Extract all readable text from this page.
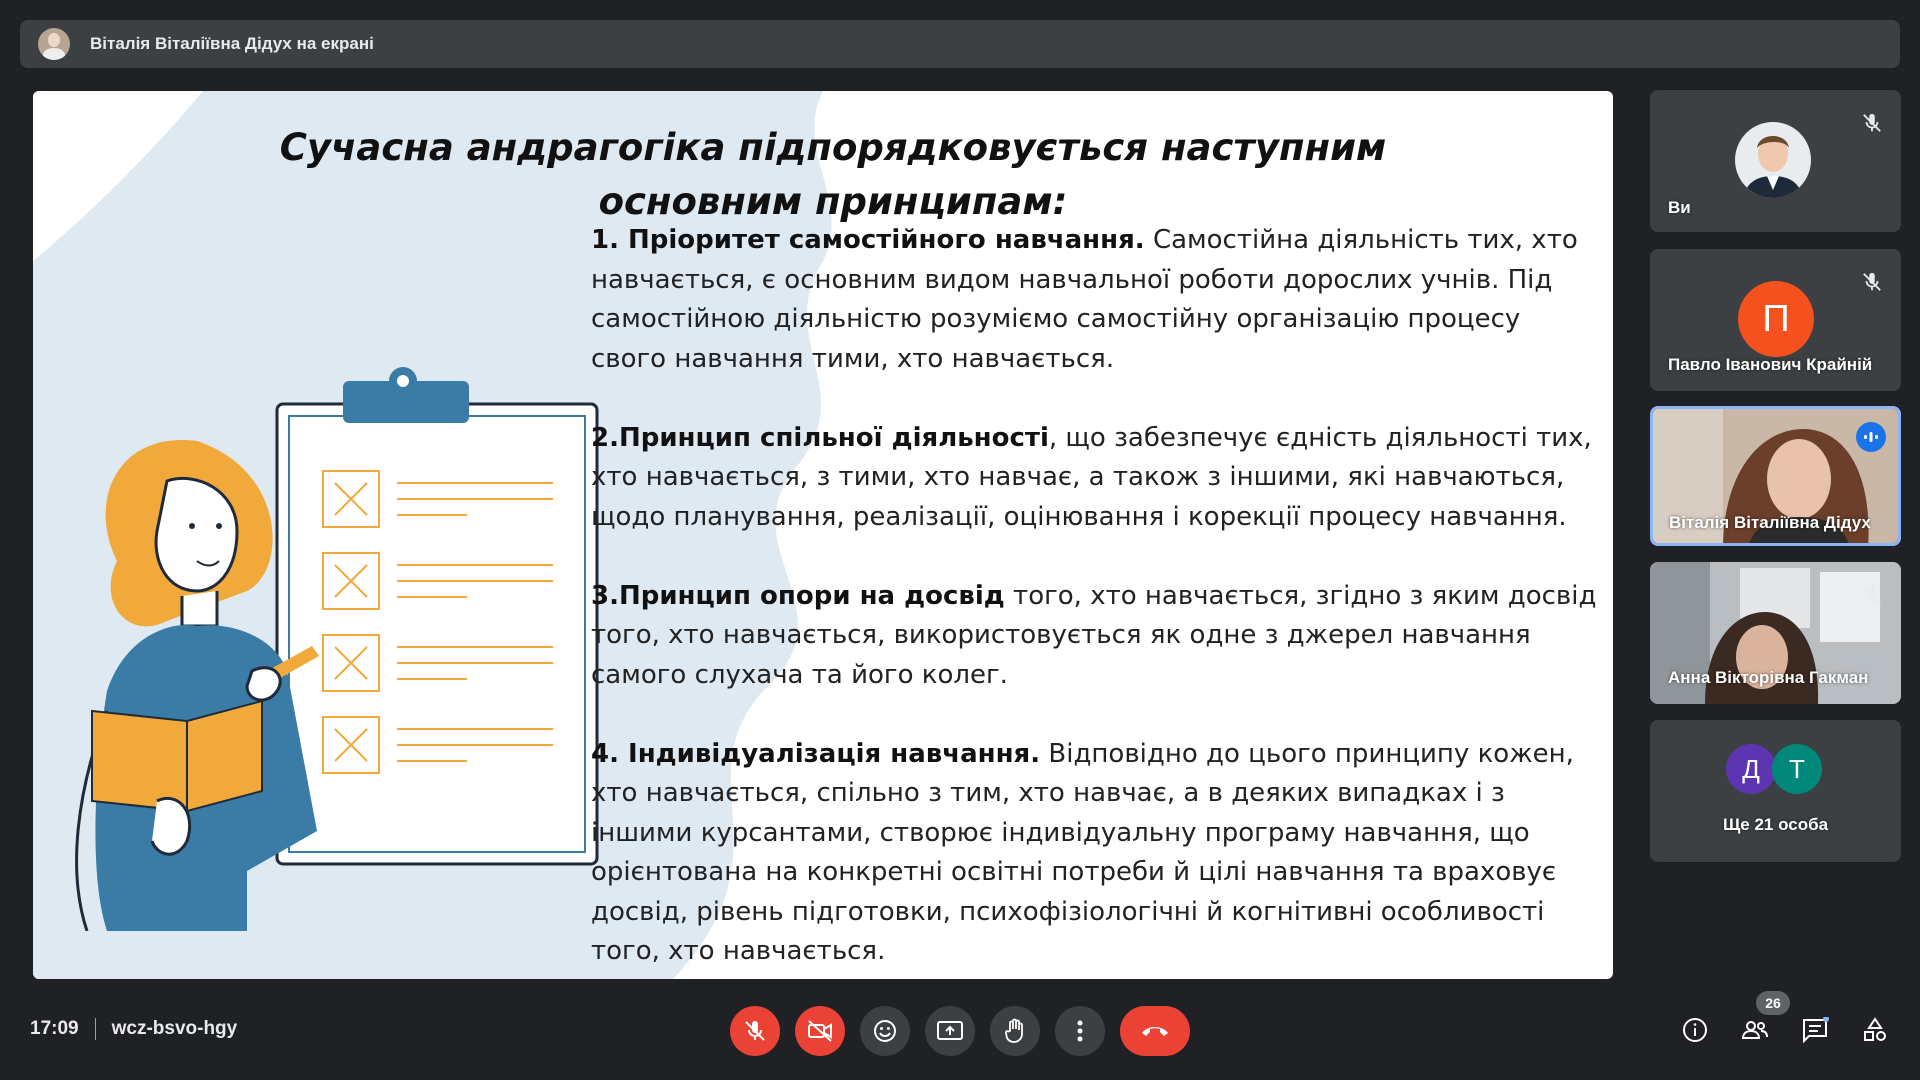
Віталія Віталіївна Дідух на екрані
Сучасна андрагогіка підпорядковується наступним основним принципам:

1. Пріоритет самостійного навчання. Самостійна діяльність тих, хто навчається, є основним видом навчальної роботи дорослих учнів. Під самостійною діяльністю розуміємо самостійну організацію процесу свого навчання тими, хто навчається.

2.Принцип спільної діяльності, що забезпечує єдність діяльності тих, хто навчається, з тими, хто навчає, а також з іншими, які навчаються, щодо планування, реалізації, оцінювання і корекції процесу навчання.

3.Принцип опори на досвід того, хто навчається, згідно з яким досвід того, хто навчається, використовується як одне з джерел навчання самого слухача та його колег.

4. Індивідуалізація навчання. Відповідно до цього принципу кожен, хто навчається, спільно з тим, хто навчає, а в деяких випадках і з іншими курсантами, створює індивідуальну програму навчання, що орієнтована на конкретні освітні потреби й цілі навчання та враховує досвід, рівень підготовки, психофізіологічні й когнітивні особливості того, хто навчається.

Ви
П
Павло Іванович Крайній
Віталія Віталіївна Дідух
Анна Вікторівна Гакман
Д	Т
Ще 21 особа
17:09 wcz-bsvo-hgy
26
